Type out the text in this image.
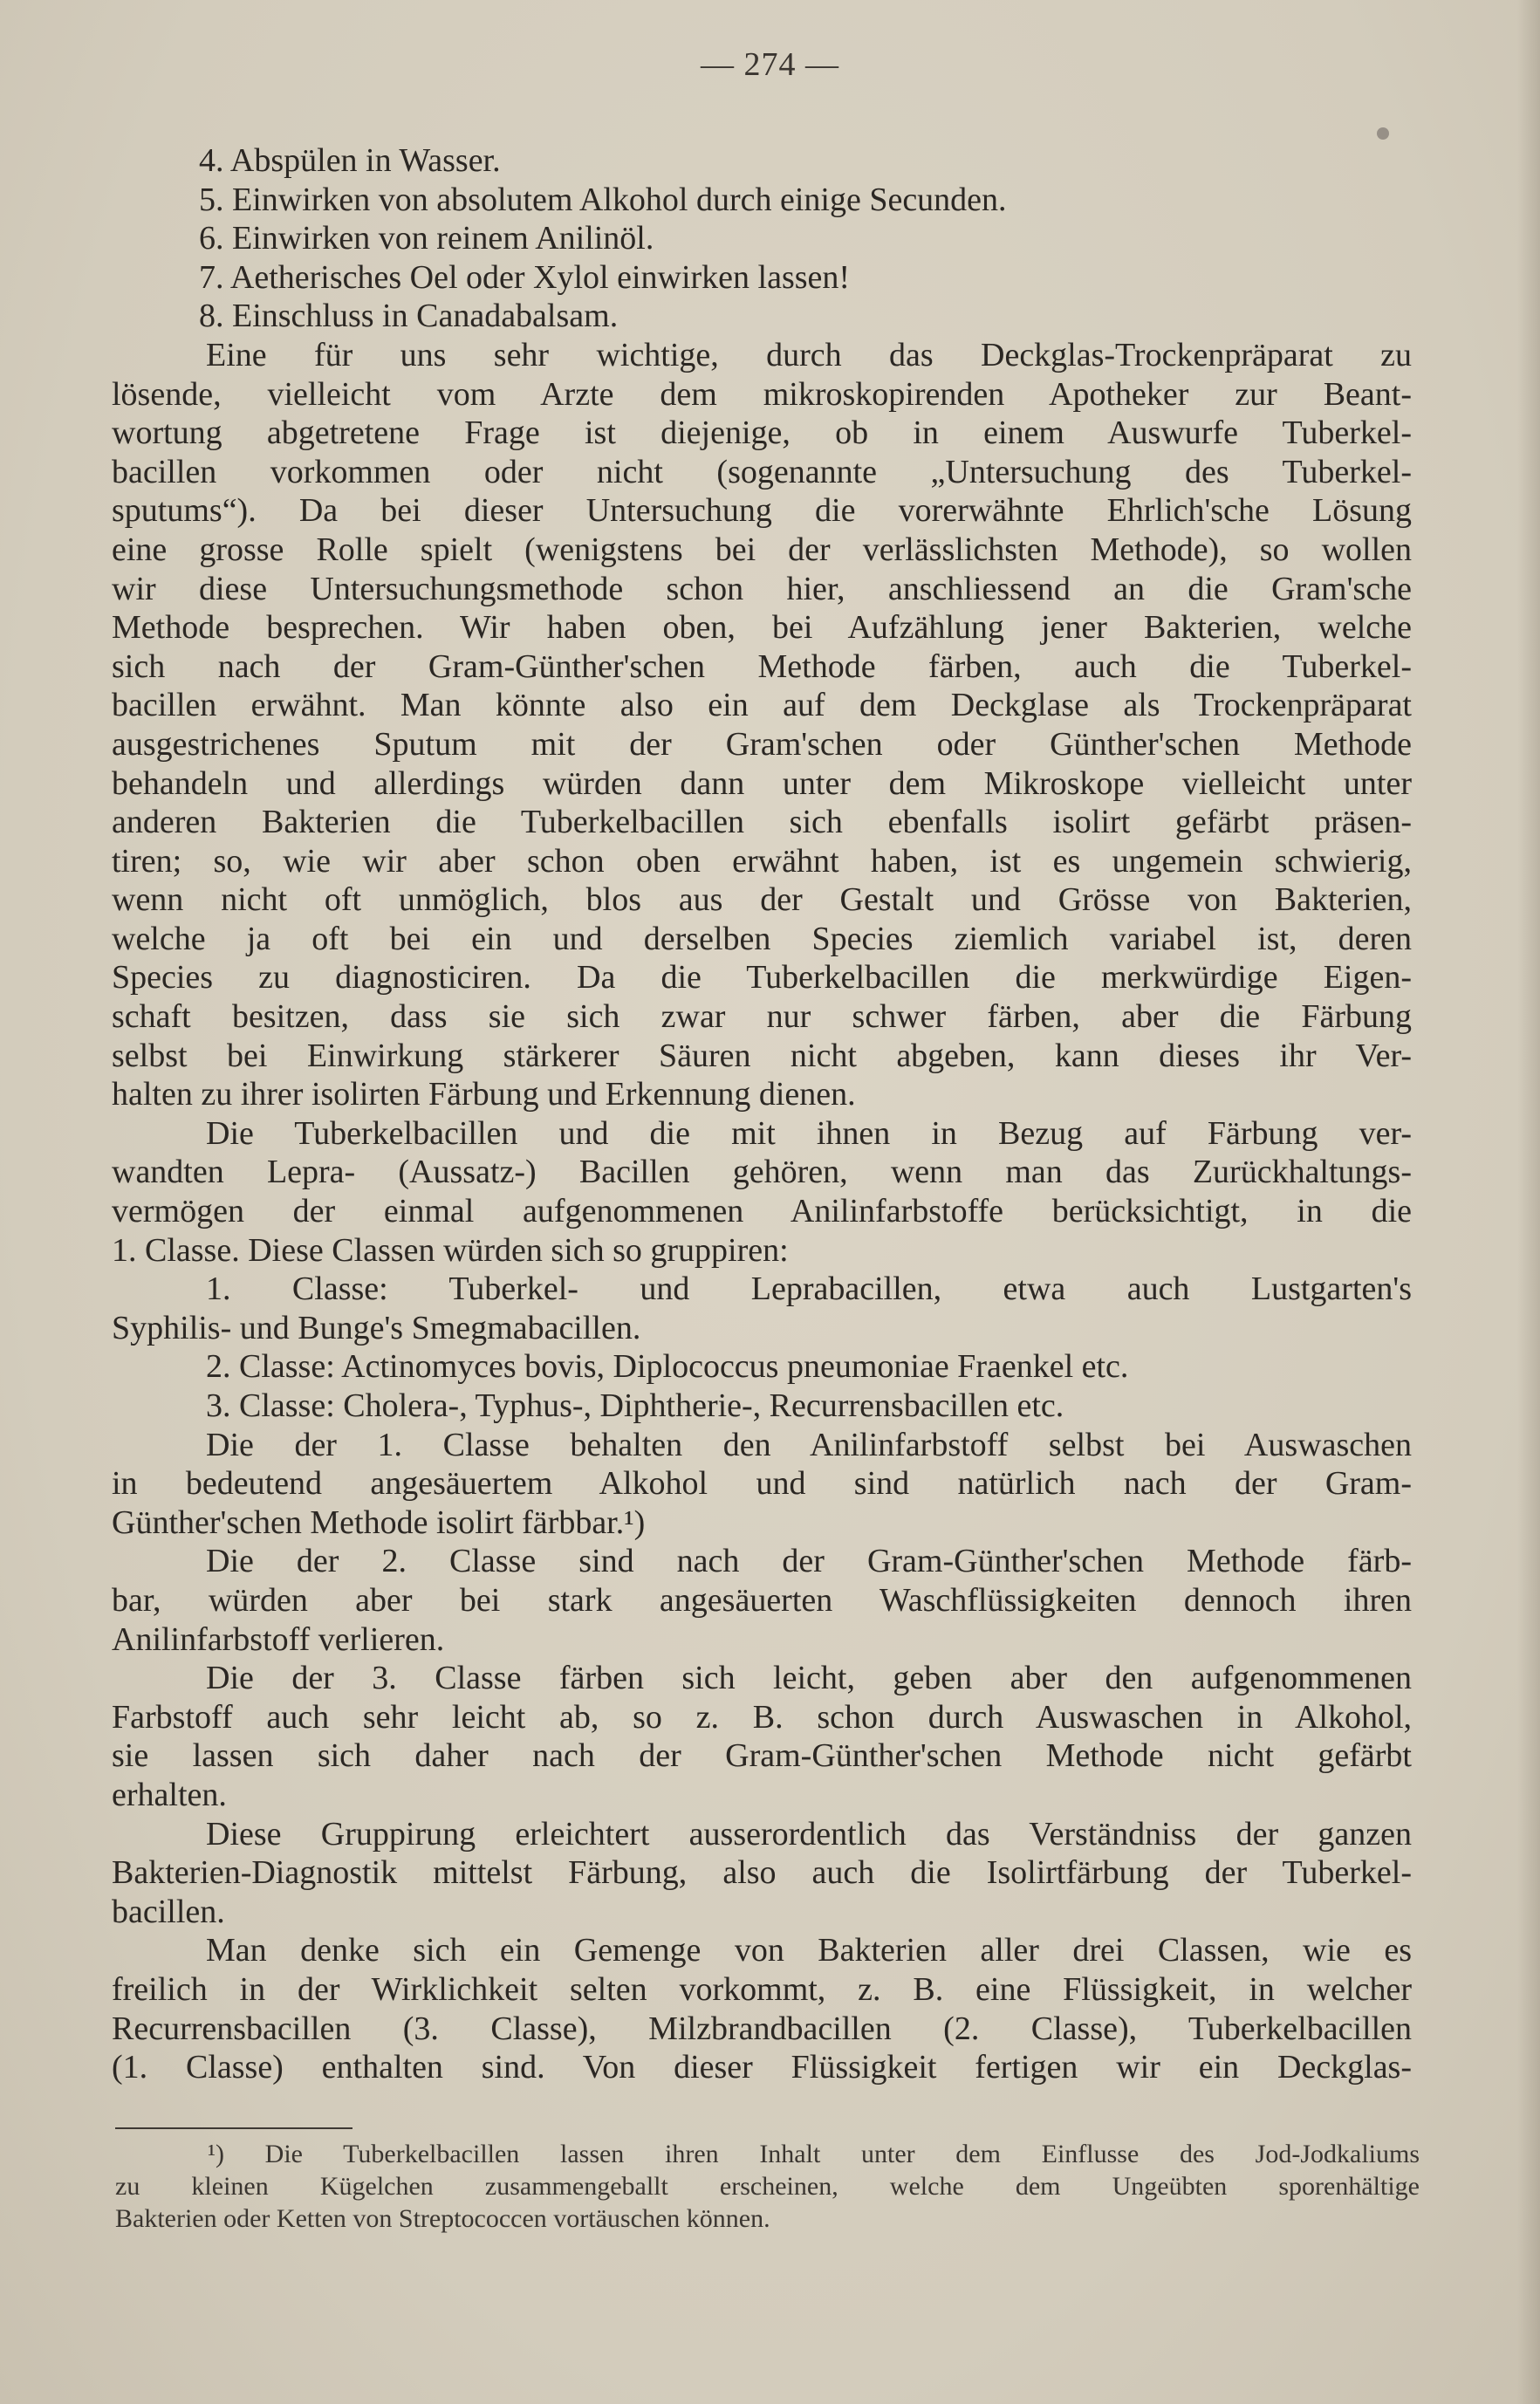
— 274 —
4. Abspülen in Wasser.
5. Einwirken von absolutem Alkohol durch einige Secunden.
6. Einwirken von reinem Anilinöl.
7. Aetherisches Oel oder Xylol einwirken lassen!
8. Einschluss in Canadabalsam.
Eine für uns sehr wichtige, durch das Deckglas-Trockenpräparat zu
lösende, vielleicht vom Arzte dem mikroskopirenden Apotheker zur Beant-
wortung abgetretene Frage ist diejenige, ob in einem Auswurfe Tuberkel-
bacillen vorkommen oder nicht (sogenannte „Untersuchung des Tuberkel-
sputums“). Da bei dieser Untersuchung die vorerwähnte Ehrlich'sche Lösung
eine grosse Rolle spielt (wenigstens bei der verlässlichsten Methode), so wollen
wir diese Untersuchungsmethode schon hier, anschliessend an die Gram'sche
Methode besprechen. Wir haben oben, bei Aufzählung jener Bakterien, welche
sich nach der Gram-Günther'schen Methode färben, auch die Tuberkel-
bacillen erwähnt. Man könnte also ein auf dem Deckglase als Trockenpräparat
ausgestrichenes Sputum mit der Gram'schen oder Günther'schen Methode
behandeln und allerdings würden dann unter dem Mikroskope vielleicht unter
anderen Bakterien die Tuberkelbacillen sich ebenfalls isolirt gefärbt präsen-
tiren; so, wie wir aber schon oben erwähnt haben, ist es ungemein schwierig,
wenn nicht oft unmöglich, blos aus der Gestalt und Grösse von Bakterien,
welche ja oft bei ein und derselben Species ziemlich variabel ist, deren
Species zu diagnosticiren. Da die Tuberkelbacillen die merkwürdige Eigen-
schaft besitzen, dass sie sich zwar nur schwer färben, aber die Färbung
selbst bei Einwirkung stärkerer Säuren nicht abgeben, kann dieses ihr Ver-
halten zu ihrer isolirten Färbung und Erkennung dienen.
Die Tuberkelbacillen und die mit ihnen in Bezug auf Färbung ver-
wandten Lepra- (Aussatz-) Bacillen gehören, wenn man das Zurückhaltungs-
vermögen der einmal aufgenommenen Anilinfarbstoffe berücksichtigt, in die
1. Classe. Diese Classen würden sich so gruppiren:
1. Classe: Tuberkel- und Leprabacillen, etwa auch Lustgarten's
Syphilis- und Bunge's Smegmabacillen.
2. Classe: Actinomyces bovis, Diplococcus pneumoniae Fraenkel etc.
3. Classe: Cholera-, Typhus-, Diphtherie-, Recurrensbacillen etc.
Die der 1. Classe behalten den Anilinfarbstoff selbst bei Auswaschen
in bedeutend angesäuertem Alkohol und sind natürlich nach der Gram-
Günther'schen Methode isolirt färbbar.¹)
Die der 2. Classe sind nach der Gram-Günther'schen Methode färb-
bar, würden aber bei stark angesäuerten Waschflüssigkeiten dennoch ihren
Anilinfarbstoff verlieren.
Die der 3. Classe färben sich leicht, geben aber den aufgenommenen
Farbstoff auch sehr leicht ab, so z. B. schon durch Auswaschen in Alkohol,
sie lassen sich daher nach der Gram-Günther'schen Methode nicht gefärbt
erhalten.
Diese Gruppirung erleichtert ausserordentlich das Verständniss der ganzen
Bakterien-Diagnostik mittelst Färbung, also auch die Isolirtfärbung der Tuberkel-
bacillen.
Man denke sich ein Gemenge von Bakterien aller drei Classen, wie es
freilich in der Wirklichkeit selten vorkommt, z. B. eine Flüssigkeit, in welcher
Recurrensbacillen (3. Classe), Milzbrandbacillen (2. Classe), Tuberkelbacillen
(1. Classe) enthalten sind. Von dieser Flüssigkeit fertigen wir ein Deckglas-
¹) Die Tuberkelbacillen lassen ihren Inhalt unter dem Einflusse des Jod-Jodkaliums
zu kleinen Kügelchen zusammengeballt erscheinen, welche dem Ungeübten sporenhältige
Bakterien oder Ketten von Streptococcen vortäuschen können.
